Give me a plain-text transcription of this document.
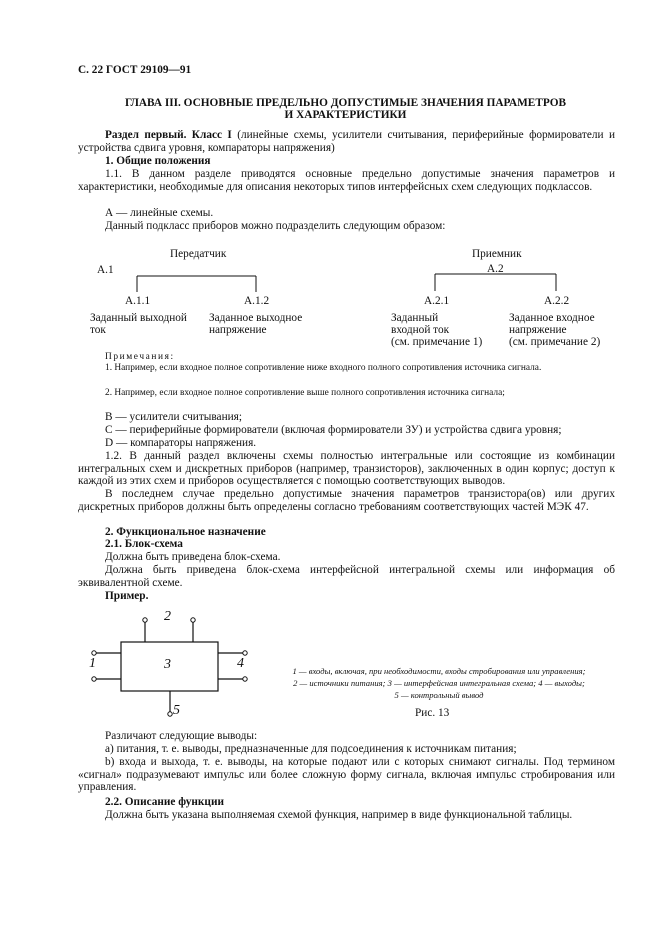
С. 22 ГОСТ 29109—91
ГЛАВА III. ОСНОВНЫЕ ПРЕДЕЛЬНО ДОПУСТИМЫЕ ЗНАЧЕНИЯ ПАРАМЕТРОВ
И ХАРАКТЕРИСТИКИ
Раздел первый. Класс I (линейные схемы, усилители считывания, периферийные формирователи и устройства сдвига уровня, компараторы напряжения)
1. Общие положения
1.1. В данном разделе приводятся основные предельно допустимые значения параметров и характеристики, необходимые для описания некоторых типов интерфейсных схем следующих подклассов.
А — линейные схемы.
Данный подкласс приборов можно подразделить следующим образом:
Передатчик
А.1
А.1.1	А.1.2
Заданный выходной
ток
Заданное выходное
напряжение
Приемник
А.2
А.2.1	А.2.2
Заданный
входной ток
(см. примечание 1)
Заданное входное
напряжение
(см. примечание 2)
Примечания:
1. Например, если входное полное сопротивление ниже входного полного сопротивления источника сигнала.
2. Например, если входное полное сопротивление выше полного сопротивления источника сигнала;
В — усилители считывания;
С — периферийные формирователи (включая формирователи ЗУ) и устройства сдвига уровня;
D — компараторы напряжения.
1.2. В данный раздел включены схемы полностью интегральные или состоящие из комбинации интегральных схем и дискретных приборов (например, транзисторов), заключенных в один корпус; доступ к каждой из этих схем и приборов осуществляется с помощью соответствующих выводов.
В последнем случае предельно допустимые значения параметров транзистора(ов) или других дискретных приборов должны быть определены согласно требованиям соответствующих частей МЭК 47.
2. Функциональное назначение
2.1. Блок-схема
Должна быть приведена блок-схема.
Должна быть приведена блок-схема интерфейсной интегральной схемы или информация об эквивалентной схеме.
Пример.
2
1	3	4
5
1 — входы, включая, при необходимости, входы стробирования или управления;
2 — источники питания; 3 — интерфейсная интегральная схема; 4 — выходы;
5 — контрольный вывод
Рис. 13
Различают следующие выводы:
а) питания, т. е. выводы, предназначенные для подсоединения к источникам питания;
b) входа и выхода, т. е. выводы, на которые подают или с которых снимают сигналы. Под термином «сигнал» подразумевают импульс или более сложную форму сигнала, включая импульс стробирования или управления.
2.2. Описание функции
Должна быть указана выполняемая схемой функция, например в виде функциональной таблицы.
